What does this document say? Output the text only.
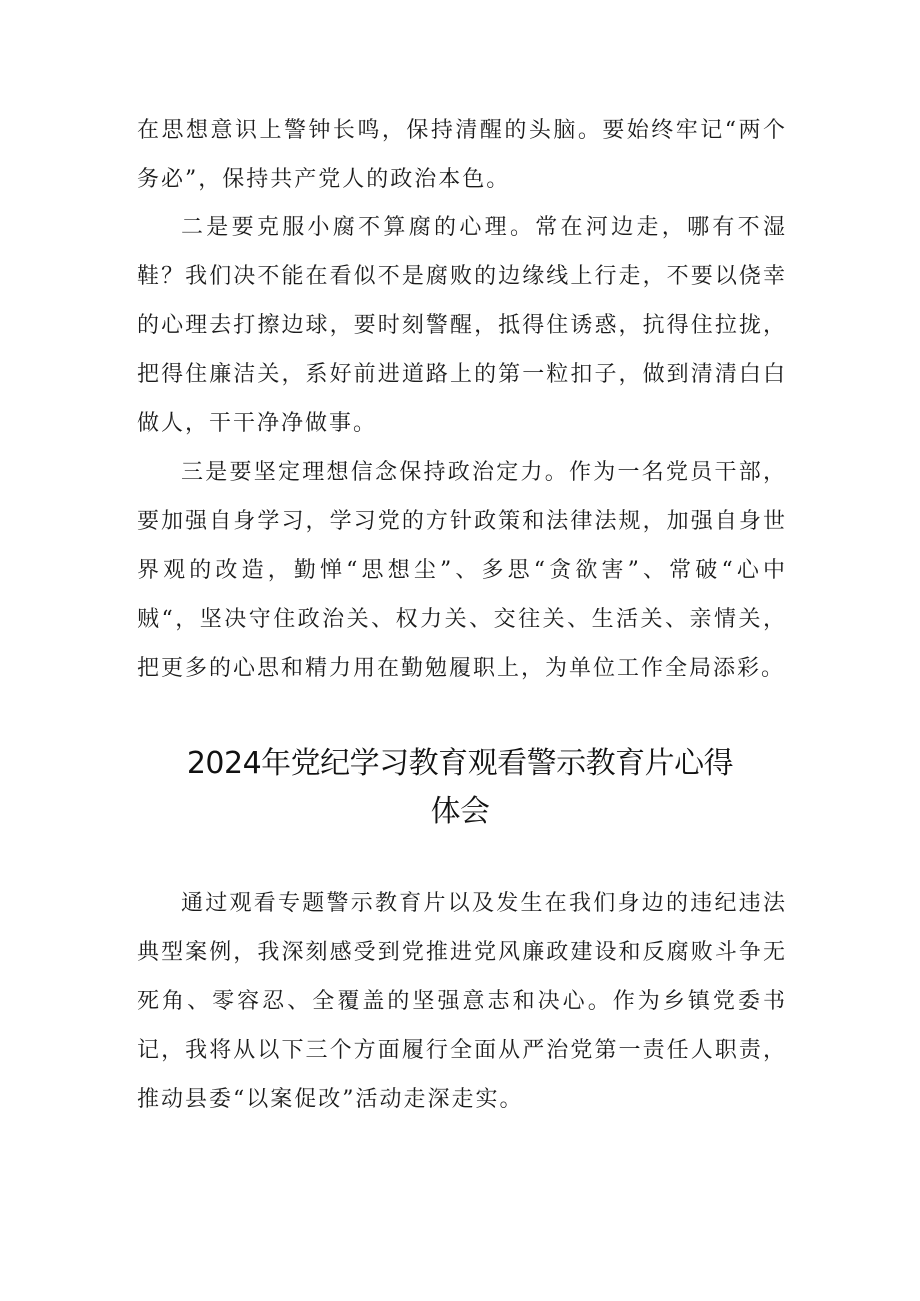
在思想意识上警钟长鸣，保持清醒的头脑。要始终牢记“两个务必”，保持共产党人的政治本色。

二是要克服小腐不算腐的心理。常在河边走，哪有不湿鞋？我们决不能在看似不是腐败的边缘线上行走，不要以侥幸的心理去打擦边球，要时刻警醒，抵得住诱惑，抗得住拉拢，把得住廉洁关，系好前进道路上的第一粒扣子，做到清清白白做人，干干净净做事。

三是要坚定理想信念保持政治定力。作为一名党员干部，要加强自身学习，学习党的方针政策和法律法规，加强自身世界观的改造，勤惮“思想尘”、多思“贪欲害”、常破“心中贼“，坚决守住政治关、权力关、交往关、生活关、亲情关，把更多的心思和精力用在勤勉履职上，为单位工作全局添彩。

2024年党纪学习教育观看警示教育片心得
体会

通过观看专题警示教育片以及发生在我们身边的违纪违法典型案例，我深刻感受到党推进党风廉政建设和反腐败斗争无死角、零容忍、全覆盖的坚强意志和决心。作为乡镇党委书记，我将从以下三个方面履行全面从严治党第一责任人职责，推动县委“以案促改”活动走深走实。
